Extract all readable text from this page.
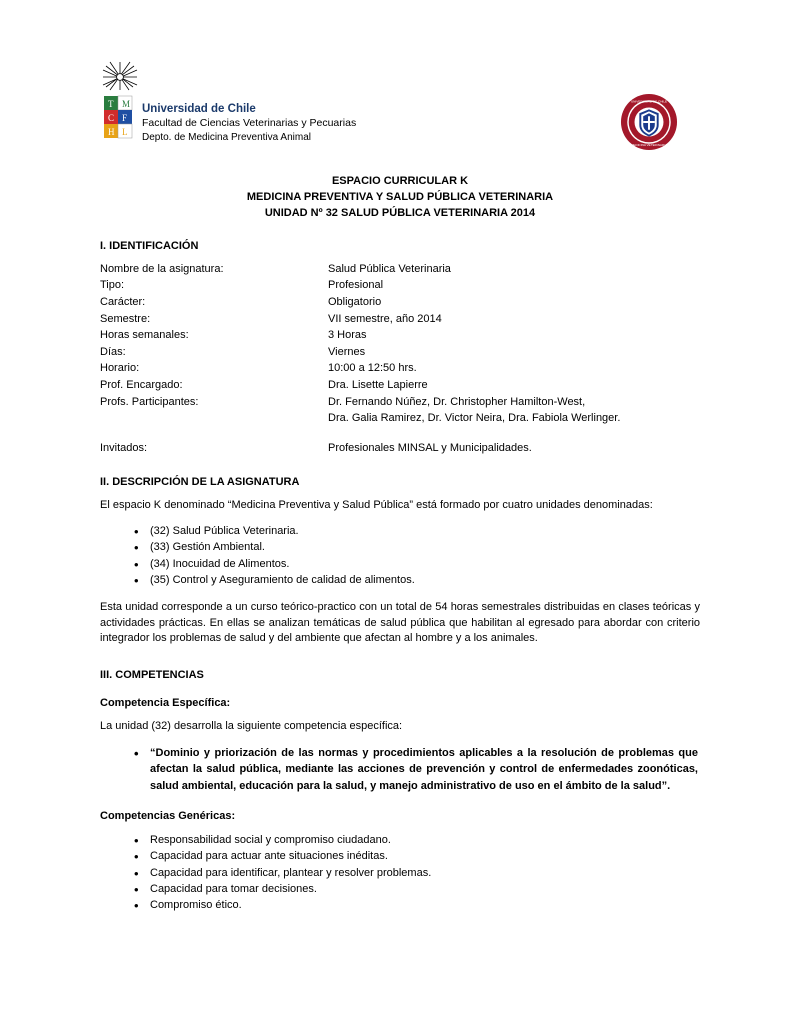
T M
C F
H L
Universidad de Chile
Facultad de Ciencias Veterinarias y Pecuarias
Depto. de Medicina Preventiva Animal
UNIVERSIDAD DE CHILE
MEDICINA VETERINARIA
ESPACIO CURRICULAR K
MEDICINA PREVENTIVA Y SALUD PÚBLICA VETERINARIA
UNIDAD Nº 32 SALUD PÚBLICA VETERINARIA 2014
I. IDENTIFICACIÓN
Nombre de la asignatura:	Salud Pública Veterinaria
Tipo:	Profesional
Carácter:	Obligatorio
Semestre:	VII semestre, año 2014
Horas semanales:	3 Horas
Días:	Viernes
Horario:	10:00 a 12:50 hrs.
Prof. Encargado:	Dra. Lisette Lapierre
Profs. Participantes:	Dr. Fernando Núñez, Dr. Christopher Hamilton-West,
	Dra. Galia Ramirez, Dr. Victor Neira, Dra. Fabiola Werlinger.

Invitados:	Profesionales MINSAL y Municipalidades.
II. DESCRIPCIÓN DE LA ASIGNATURA

El espacio K denominado “Medicina Preventiva y Salud Pública” está formado por cuatro unidades denominadas:

• (32) Salud Pública Veterinaria.
• (33) Gestión Ambiental.
• (34) Inocuidad de Alimentos.
• (35) Control y Aseguramiento de calidad de alimentos.

Esta unidad corresponde a un curso teórico-practico con un total de 54 horas semestrales distribuidas en clases teóricas y actividades prácticas. En ellas se analizan temáticas de salud pública que habilitan al egresado para abordar con criterio integrador los problemas de salud y del ambiente que afectan al hombre y a los animales.

III. COMPETENCIAS
Competencia Específica:

La unidad (32) desarrolla la siguiente competencia específica:

• “Dominio y priorización de las normas y procedimientos aplicables a la resolución de problemas que afectan la salud pública, mediante las acciones de prevención y control de enfermedades zoonóticas, salud ambiental, educación para la salud, y manejo administrativo de uso en el ámbito de la salud”.
Competencias Genéricas:
• Responsabilidad social y compromiso ciudadano.
• Capacidad para actuar ante situaciones inéditas.
• Capacidad para identificar, plantear y resolver problemas.
• Capacidad para tomar decisiones.
• Compromiso ético.
